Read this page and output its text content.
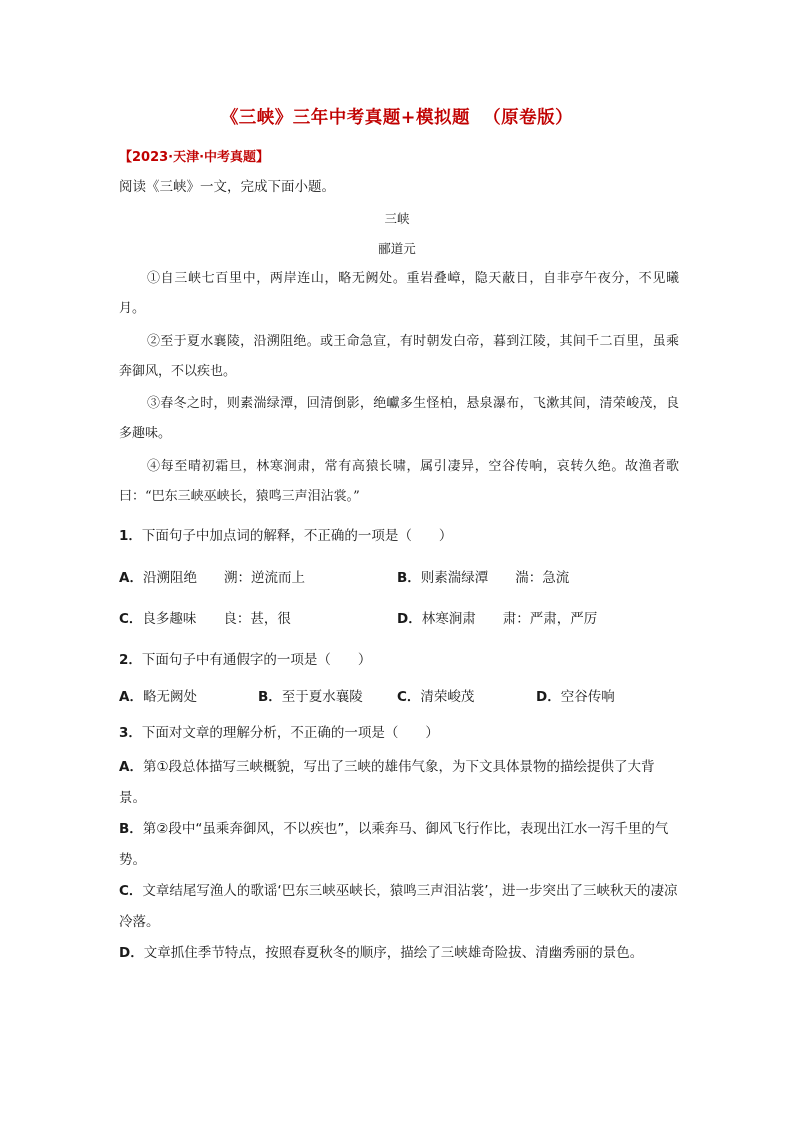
《三峡》三年中考真题+模拟题  （原卷版）
【2023·天津·中考真题】
阅读《三峡》一文，完成下面小题。
三峡
郦道元

①自三峡七百里中，两岸连山，略无阙处。重岩叠嶂，隐天蔽日，自非亭午夜分，不见曦月。

②至于夏水襄陵，沿溯阻绝。或王命急宣，有时朝发白帝，暮到江陵，其间千二百里，虽乘奔御风，不以疾也。

③春冬之时，则素湍绿潭，回清倒影，绝巘多生怪柏，悬泉瀑布，飞漱其间，清荣峻茂，良多趣味。

④每至晴初霜旦，林寒涧肃，常有高猿长啸，属引凄异，空谷传响，哀转久绝。故渔者歌曰：“巴东三峡巫峡长，猿鸣三声泪沾裳。”

1．下面句子中加点词的解释，不正确的一项是（　　）
A．沿溯阻绝　　溯：逆流而上	B．则素湍绿潭　　湍：急流
C．良多趣味　　良：甚，很	D．林寒涧肃　　肃：严肃，严厉
2．下面句子中有通假字的一项是（　　）
A．略无阙处	B．至于夏水襄陵	C．清荣峻茂	D．空谷传响
3．下面对文章的理解分析，不正确的一项是（　　）
A．第①段总体描写三峡概貌，写出了三峡的雄伟气象，为下文具体景物的描绘提供了大背景。
B．第②段中“虽乘奔御风，不以疾也”，以乘奔马、御风飞行作比，表现出江水一泻千里的气势。
C．文章结尾写渔人的歌谣‘巴东三峡巫峡长，猿鸣三声泪沾裳’，进一步突出了三峡秋天的凄凉冷落。
D．文章抓住季节特点，按照春夏秋冬的顺序，描绘了三峡雄奇险拔、清幽秀丽的景色。
